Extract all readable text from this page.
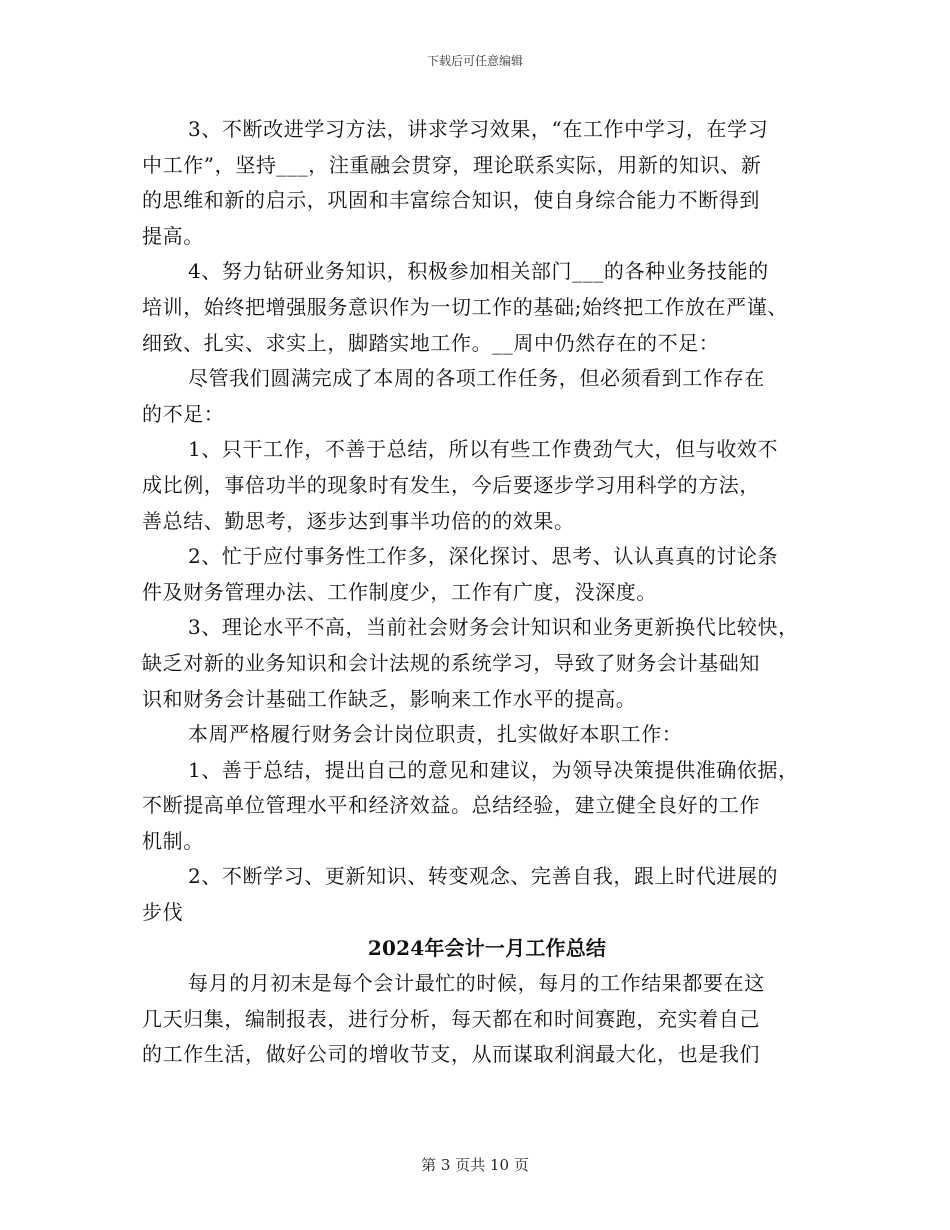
下载后可任意编辑
3、不断改进学习方法，讲求学习效果，“在工作中学习，在学习
中工作”，坚持___，注重融会贯穿，理论联系实际，用新的知识、新
的思维和新的启示，巩固和丰富综合知识，使自身综合能力不断得到
提高。
4、努力钻研业务知识，积极参加相关部门___的各种业务技能的
培训，始终把增强服务意识作为一切工作的基础;始终把工作放在严谨、
细致、扎实、求实上，脚踏实地工作。__周中仍然存在的不足：
尽管我们圆满完成了本周的各项工作任务，但必须看到工作存在
的不足：
1、只干工作，不善于总结，所以有些工作费劲气大，但与收效不
成比例，事倍功半的现象时有发生，今后要逐步学习用科学的方法，
善总结、勤思考，逐步达到事半功倍的的效果。
2、忙于应付事务性工作多，深化探讨、思考、认认真真的讨论条
件及财务管理办法、工作制度少，工作有广度，没深度。
3、理论水平不高，当前社会财务会计知识和业务更新换代比较快，
缺乏对新的业务知识和会计法规的系统学习，导致了财务会计基础知
识和财务会计基础工作缺乏，影响来工作水平的提高。
本周严格履行财务会计岗位职责，扎实做好本职工作：
1、善于总结，提出自己的意见和建议，为领导决策提供准确依据，
不断提高单位管理水平和经济效益。总结经验，建立健全良好的工作
机制。
2、不断学习、更新知识、转变观念、完善自我，跟上时代进展的
步伐
2024年会计一月工作总结
每月的月初末是每个会计最忙的时候，每月的工作结果都要在这
几天归集，编制报表，进行分析，每天都在和时间赛跑，充实着自己
的工作生活，做好公司的增收节支，从而谋取利润最大化，也是我们
第 3 页共 10 页
